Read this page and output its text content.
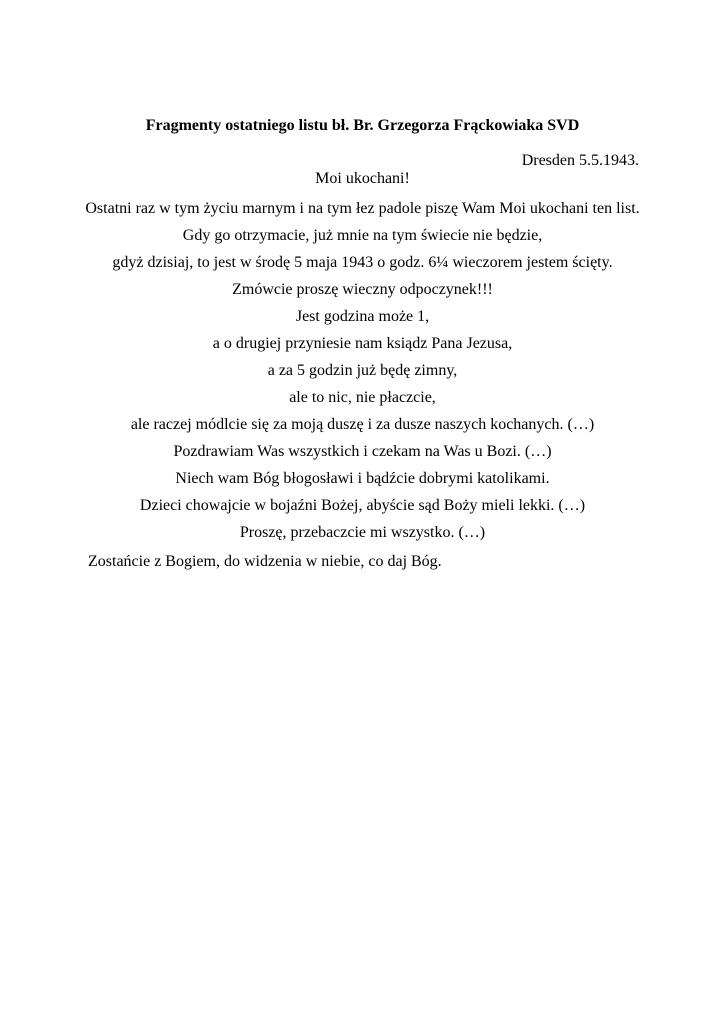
Fragmenty ostatniego listu bł. Br. Grzegorza Frąckowiaka SVD
Dresden 5.5.1943.
Moi ukochani!
Ostatni raz w tym życiu marnym i na tym łez padole piszę Wam Moi ukochani ten list.
Gdy go otrzymacie, już mnie na tym świecie nie będzie,
gdyż dzisiaj, to jest w środę 5 maja 1943 o godz. 6¼ wieczorem jestem ścięty.
Zmówcie proszę wieczny odpoczynek!!!
Jest godzina może 1,
a o drugiej przyniesie nam ksiądz Pana Jezusa,
a za 5 godzin już będę zimny,
ale to nic, nie płaczcie,
ale raczej módlcie się za moją duszę i za dusze naszych kochanych. (…)
Pozdrawiam Was wszystkich i czekam na Was u Bozi. (…)
Niech wam Bóg błogosławi i bądźcie dobrymi katolikami.
Dzieci chowajcie w bojaźni Bożej, abyście sąd Boży mieli lekki. (…)
Proszę, przebaczcie mi wszystko. (…)
Zostańcie z Bogiem, do widzenia w niebie, co daj Bóg.
